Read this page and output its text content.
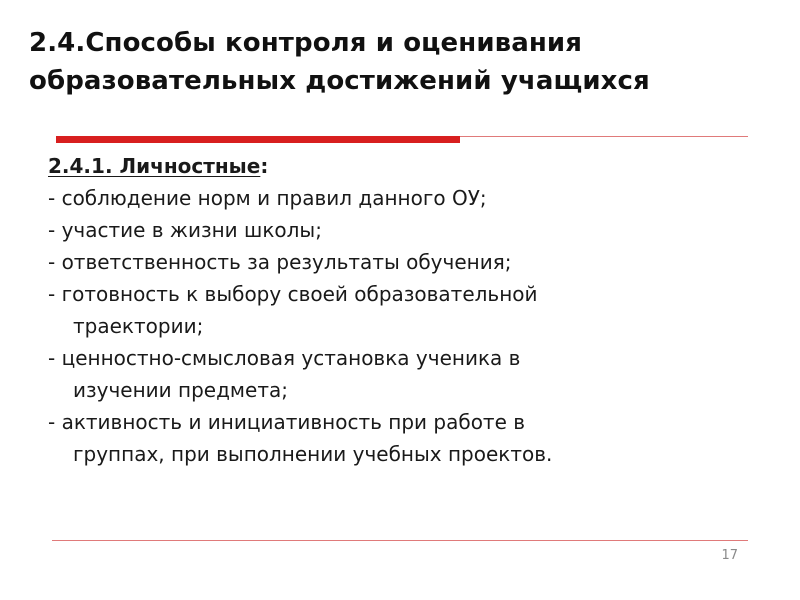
2.4.Способы контроля и оценивания
образовательных достижений учащихся
2.4.1. Личностные:
- соблюдение норм и правил данного ОУ;
- участие в жизни школы;
- ответственность за результаты обучения;
- готовность к выбору своей образовательной
траектории;
- ценностно-смысловая установка ученика в
изучении предмета;
- активность и инициативность при работе в
группах, при выполнении учебных проектов.
17
